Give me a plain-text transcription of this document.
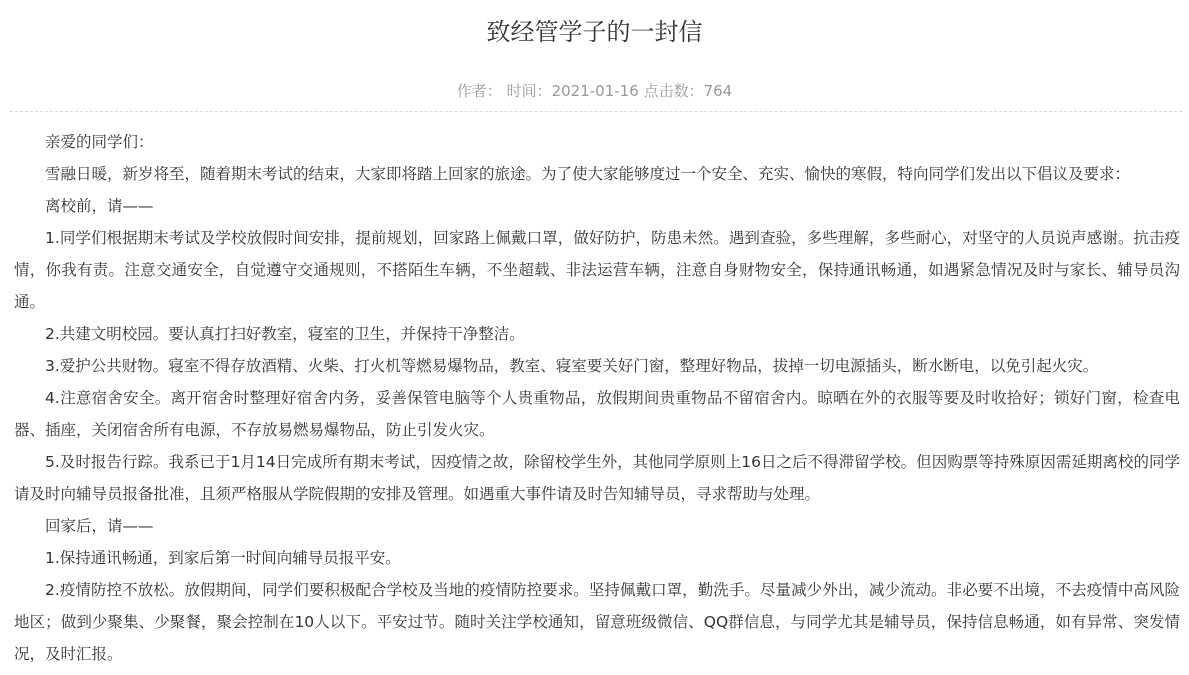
致经管学子的一封信
作者： 时间：2021-01-16 点击数：764

亲爱的同学们：

雪融日暖，新岁将至，随着期末考试的结束，大家即将踏上回家的旅途。为了使大家能够度过一个安全、充实、愉快的寒假，特向同学们发出以下倡议及要求：

离校前，请——

1.同学们根据期末考试及学校放假时间安排，提前规划，回家路上佩戴口罩，做好防护，防患未然。遇到查验，多些理解，多些耐心，对坚守的人员说声感谢。抗击疫情，你我有责。注意交通安全，自觉遵守交通规则，不搭陌生车辆，不坐超载、非法运营车辆，注意自身财物安全，保持通讯畅通，如遇紧急情况及时与家长、辅导员沟通。

2.共建文明校园。要认真打扫好教室，寝室的卫生，并保持干净整洁。

3.爱护公共财物。寝室不得存放酒精、火柴、打火机等燃易爆物品，教室、寝室要关好门窗，整理好物品，拔掉一切电源插头，断水断电，以免引起火灾。

4.注意宿舍安全。离开宿舍时整理好宿舍内务，妥善保管电脑等个人贵重物品，放假期间贵重物品不留宿舍内。晾晒在外的衣服等要及时收拾好；锁好门窗，检查电器、插座，关闭宿舍所有电源，不存放易燃易爆物品，防止引发火灾。

5.及时报告行踪。我系已于1月14日完成所有期末考试，因疫情之故，除留校学生外，其他同学原则上16日之后不得滞留学校。但因购票等持殊原因需延期离校的同学请及时向辅导员报备批准，且须严格服从学院假期的安排及管理。如遇重大事件请及时告知辅导员，寻求帮助与处理。

回家后，请——

1.保持通讯畅通，到家后第一时间向辅导员报平安。

2.疫情防控不放松。放假期间，同学们要积极配合学校及当地的疫情防控要求。坚持佩戴口罩，勤洗手。尽量减少外出，减少流动。非必要不出境，不去疫情中高风险地区；做到少聚集、少聚餐，聚会控制在10人以下。平安过节。随时关注学校通知，留意班级微信、QQ群信息，与同学尤其是辅导员，保持信息畅通，如有异常、突发情况，及时汇报。
